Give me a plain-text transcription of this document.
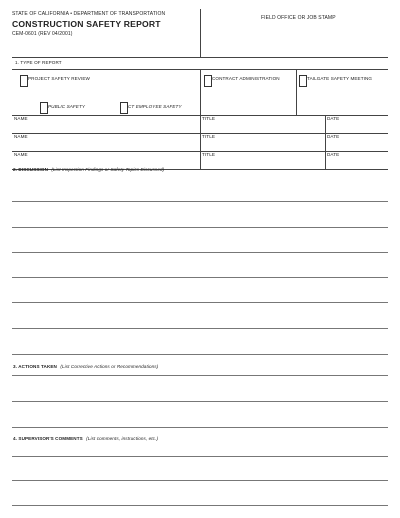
STATE OF CALIFORNIA • DEPARTMENT OF TRANSPORTATION
CONSTRUCTION SAFETY REPORT
CEM-0601 (REV 04/2001)
FIELD OFFICE OR JOB STAMP
1. TYPE OF REPORT
PROJECT SAFETY REVIEW
PUBLIC SAFETY	CT EMPLOYEE SAFETY
CONTRACT ADMINISTRATION	TAILGATE SAFETY MEETING
NAME	TITLE	DATE
NAME	TITLE	DATE
NAME	TITLE	DATE
2. DISCUSSION (List Inspection Findings or Safety Topics Discussed)
3. ACTIONS TAKEN (List Corrective Actions or Recommendations)
4. SUPERVISOR'S COMMENTS (List comments, instructions, etc.)
